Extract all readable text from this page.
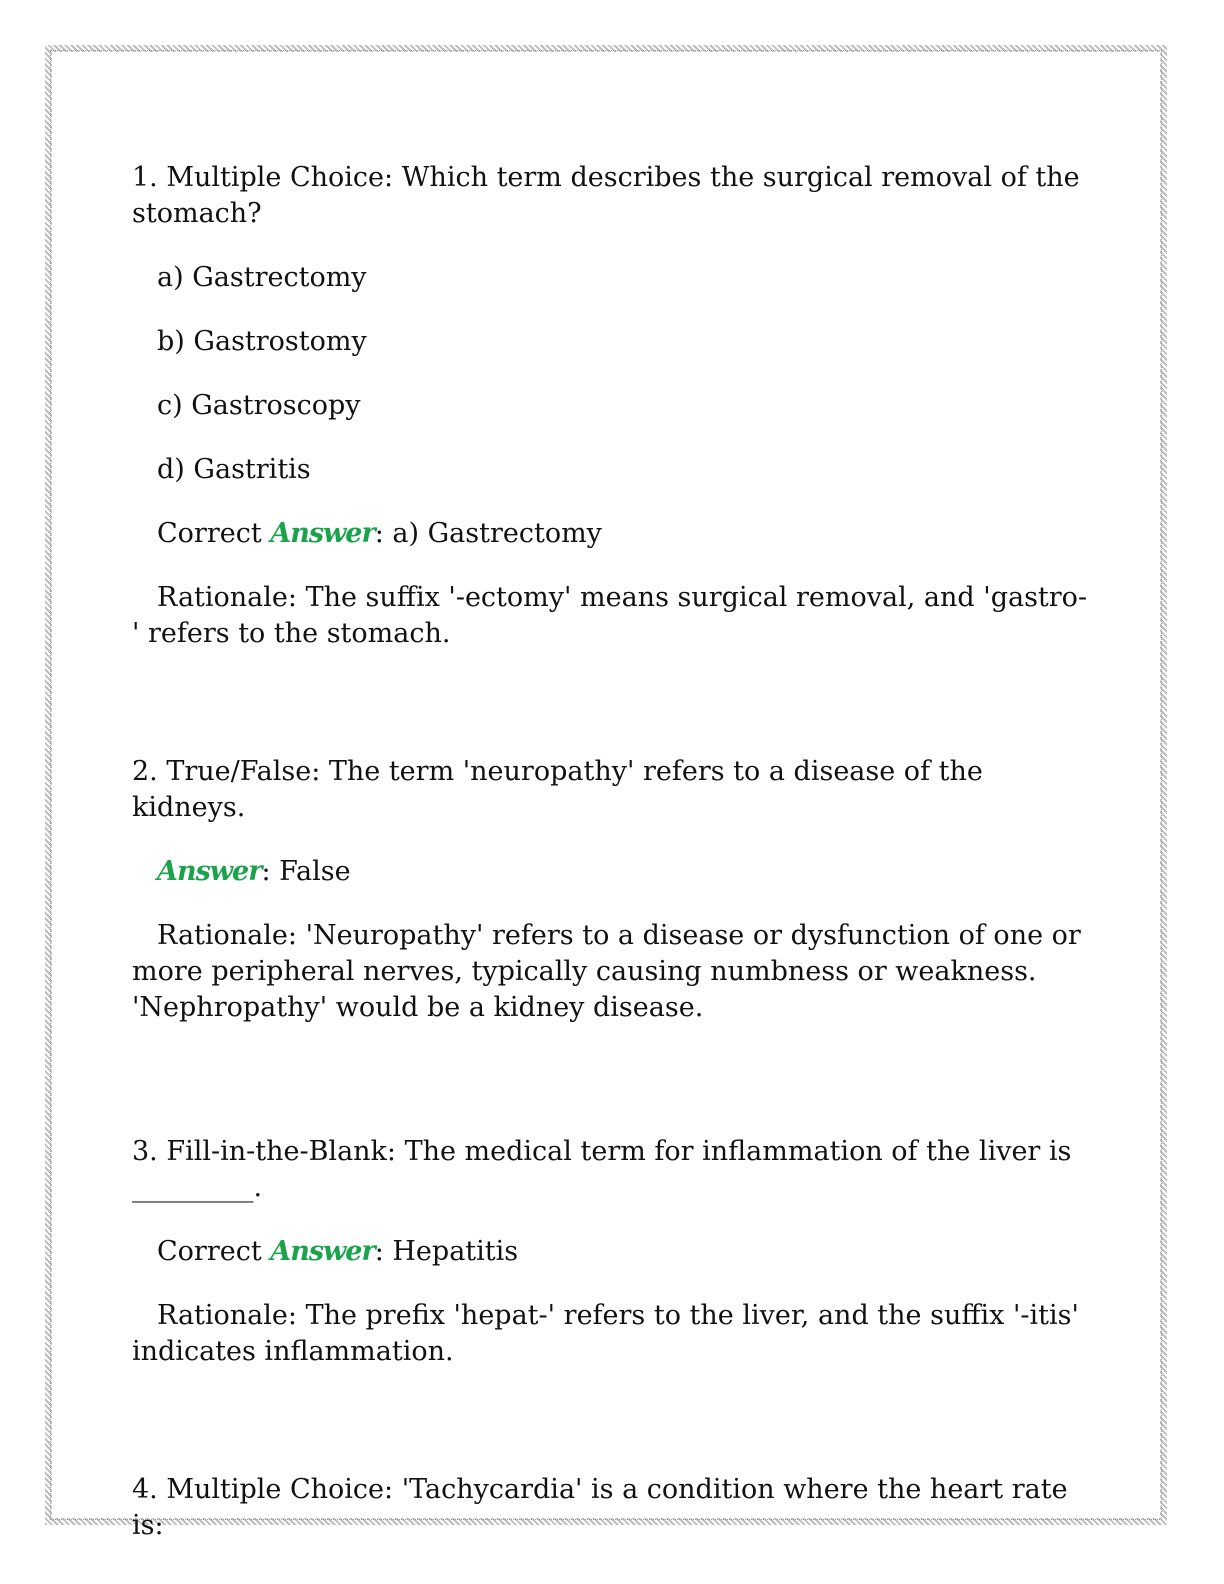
1. Multiple Choice: Which term describes the surgical removal of the stomach?

a) Gastrectomy

b) Gastrostomy

c) Gastroscopy

d) Gastritis

Correct Answer: a) Gastrectomy

Rationale: The suffix '-ectomy' means surgical removal, and 'gastro-' refers to the stomach.

2. True/False: The term 'neuropathy' refers to a disease of the kidneys.

Answer: False

Rationale: 'Neuropathy' refers to a disease or dysfunction of one or more peripheral nerves, typically causing numbness or weakness. 'Nephropathy' would be a kidney disease.

3. Fill-in-the-Blank: The medical term for inflammation of the liver is
_________.

Correct Answer: Hepatitis

Rationale: The prefix 'hepat-' refers to the liver, and the suffix '-itis' indicates inflammation.

4. Multiple Choice: 'Tachycardia' is a condition where the heart rate is:
